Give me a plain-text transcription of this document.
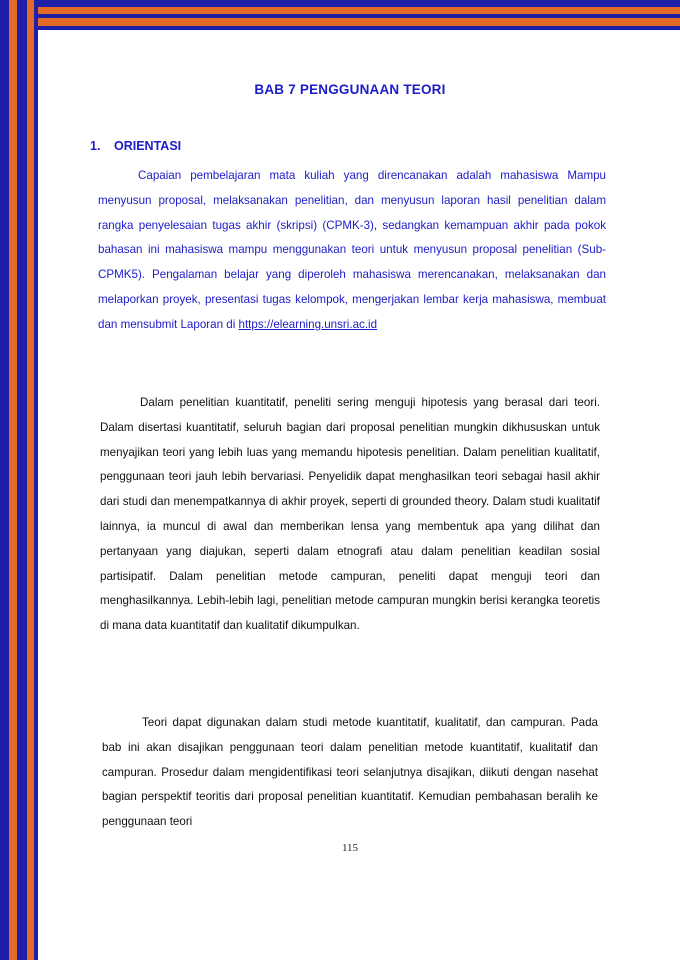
BAB 7 PENGGUNAAN TEORI
1. ORIENTASI

Capaian pembelajaran mata kuliah yang direncanakan adalah mahasiswa Mampu menyusun proposal, melaksanakan penelitian, dan menyusun laporan hasil penelitian dalam rangka penyelesaian tugas akhir (skripsi) (CPMK-3), sedangkan kemampuan akhir pada pokok bahasan ini mahasiswa mampu menggunakan teori untuk menyusun proposal penelitian (Sub-CPMK5). Pengalaman belajar yang diperoleh mahasiswa merencanakan, melaksanakan dan melaporkan proyek, presentasi tugas kelompok, mengerjakan lembar kerja mahasiswa, membuat dan mensubmit Laporan di https://elearning.unsri.ac.id

Dalam penelitian kuantitatif, peneliti sering menguji hipotesis yang berasal dari teori. Dalam disertasi kuantitatif, seluruh bagian dari proposal penelitian mungkin dikhususkan untuk menyajikan teori yang lebih luas yang memandu hipotesis penelitian. Dalam penelitian kualitatif, penggunaan teori jauh lebih bervariasi. Penyelidik dapat menghasilkan teori sebagai hasil akhir dari studi dan menempatkannya di akhir proyek, seperti di grounded theory. Dalam studi kualitatif lainnya, ia muncul di awal dan memberikan lensa yang membentuk apa yang dilihat dan pertanyaan yang diajukan, seperti dalam etnografi atau dalam penelitian keadilan sosial partisipatif. Dalam penelitian metode campuran, peneliti dapat menguji teori dan menghasilkannya. Lebih-lebih lagi, penelitian metode campuran mungkin berisi kerangka teoretis di mana data kuantitatif dan kualitatif dikumpulkan.

Teori dapat digunakan dalam studi metode kuantitatif, kualitatif, dan campuran. Pada bab ini akan disajikan penggunaan teori dalam penelitian metode kuantitatif, kualitatif dan campuran. Prosedur dalam mengidentifikasi teori selanjutnya disajikan, diikuti dengan nasehat bagian perspektif teoritis dari proposal penelitian kuantitatif. Kemudian pembahasan beralih ke penggunaan teori

115
